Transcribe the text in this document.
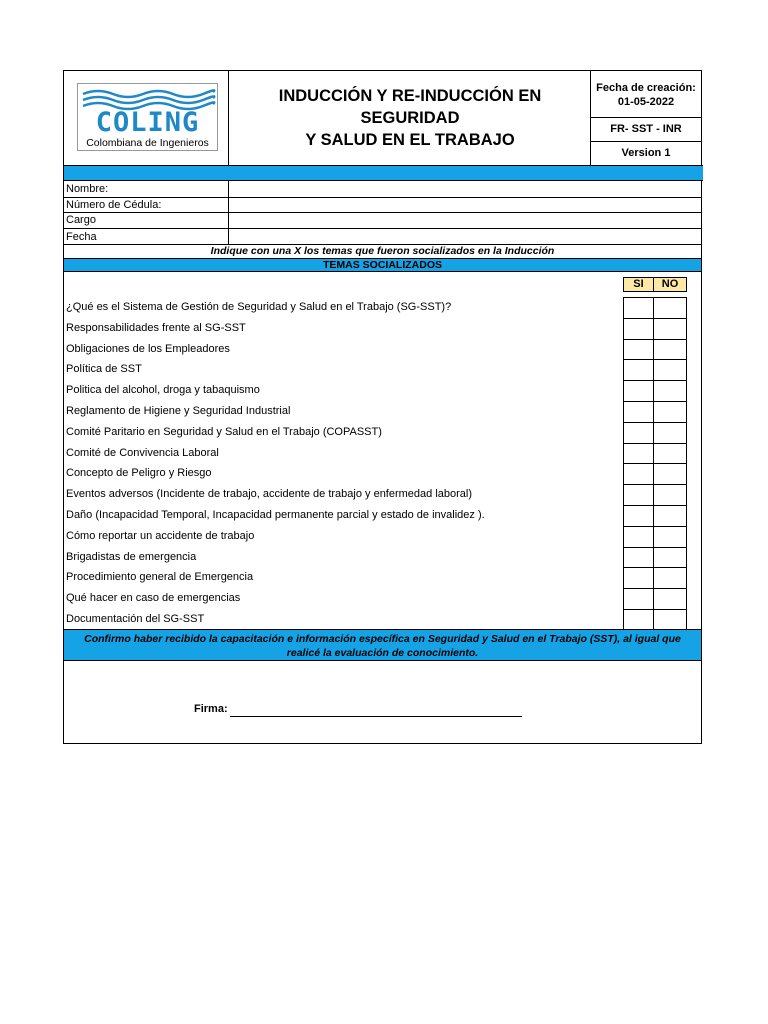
COLING
Colombiana de Ingenieros
INDUCCIÓN Y RE-INDUCCIÓN EN SEGURIDAD
Y SALUD EN EL TRABAJO
Fecha de creación:
01-05-2022
FR- SST - INR
Version 1
Nombre:
Número de Cédula:
Cargo
Fecha
Indique con una X los temas que fueron socializados en la Inducción
TEMAS SOCIALIZADOS
SI	NO
¿Qué es el Sistema de Gestión de Seguridad y Salud en el Trabajo (SG-SST)?
Responsabilidades frente al SG-SST
Obligaciones de los Empleadores
Política de SST
Politica del alcohol, droga y tabaquismo
Reglamento de Higiene y Seguridad Industrial
Comité Paritario en Seguridad y Salud en el Trabajo (COPASST)
Comité de Convivencia Laboral
Concepto de Peligro y Riesgo
Eventos adversos (Incidente de trabajo, accidente de trabajo y enfermedad laboral)
Daño (Incapacidad Temporal, Incapacidad permanente parcial y estado de invalidez ).
Cómo reportar un accidente de trabajo
Brigadistas de emergencia
Procedimiento general de Emergencia
Qué hacer en caso de emergencias
Documentación del SG-SST
Confirmo haber recibido la capacitación e información específica en Seguridad y Salud en el Trabajo (SST), al igual que realicé la evaluación de conocimiento.
Firma:
